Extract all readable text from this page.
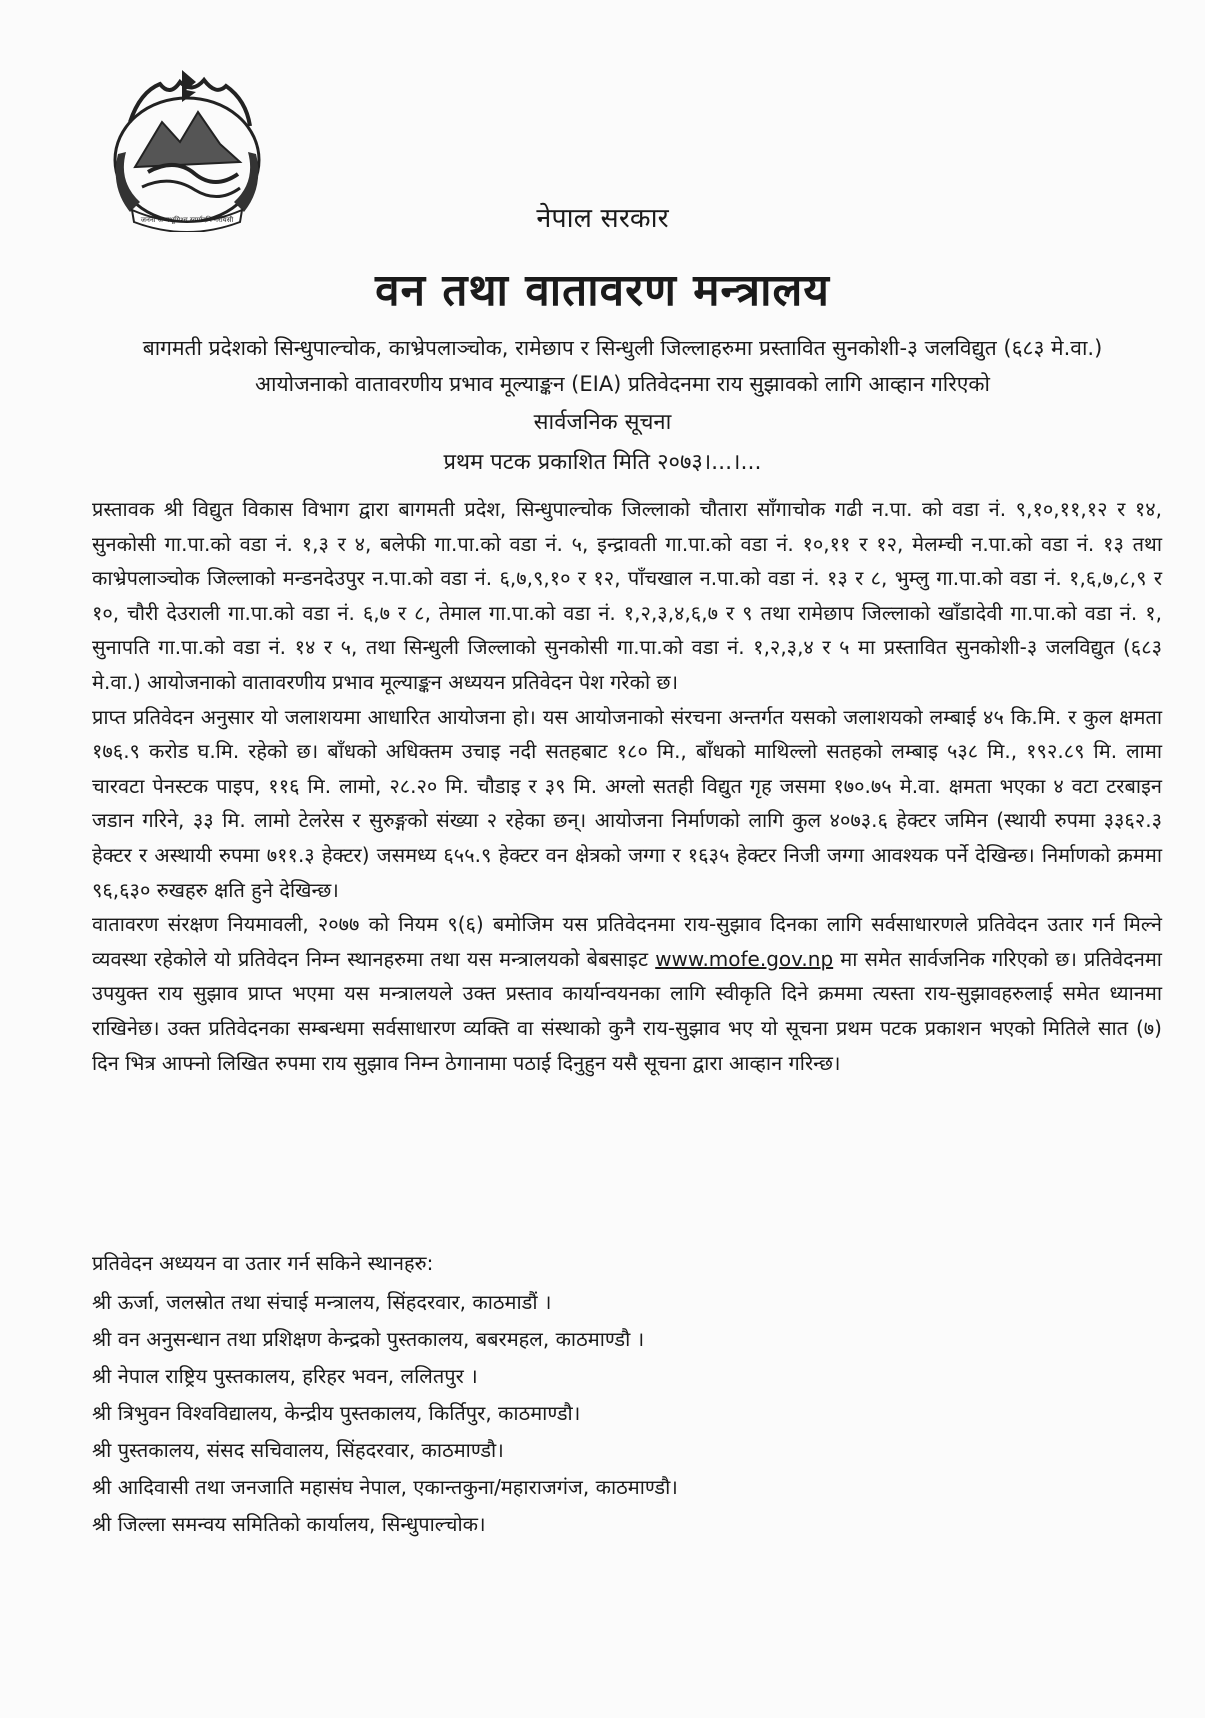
जननी जन्मभूमिश्च स्वर्गादपि गरीयसी	नेपाल सरकार
वन तथा वातावरण मन्त्रालय
बागमती प्रदेशको सिन्धुपाल्चोक, काभ्रेपलाञ्चोक, रामेछाप र सिन्धुली जिल्लाहरुमा प्रस्तावित सुनकोशी-३ जलविद्युत (६८३ मे.वा.) आयोजनाको वातावरणीय प्रभाव मूल्याङ्कन (EIA) प्रतिवेदनमा राय सुझावको लागि आव्हान गरिएको
सार्वजनिक सूचना
प्रथम पटक प्रकाशित मिति २०७३।...।...

प्रस्तावक श्री विद्युत विकास विभाग द्वारा बागमती प्रदेश, सिन्धुपाल्चोक जिल्लाको चौतारा साँगाचोक गढी न.पा. को वडा नं. ९,१०,११,१२ र १४, सुनकोसी गा.पा.को वडा नं. १,३ र ४, बलेफी गा.पा.को वडा नं. ५, इन्द्रावती गा.पा.को वडा नं. १०,११ र १२, मेलम्ची न.पा.को वडा नं. १३ तथा काभ्रेपलाञ्चोक जिल्लाको मन्डनदेउपुर न.पा.को वडा नं. ६,७,९,१० र १२, पाँचखाल न.पा.को वडा नं. १३ र ८, भुम्लु गा.पा.को वडा नं. १,६,७,८,९ र १०, चौरी देउराली गा.पा.को वडा नं. ६,७ र ८, तेमाल गा.पा.को वडा नं. १,२,३,४,६,७ र ९ तथा रामेछाप जिल्लाको खाँडादेवी गा.पा.को वडा नं. १, सुनापति गा.पा.को वडा नं. १४ र ५, तथा सिन्धुली जिल्लाको सुनकोसी गा.पा.को वडा नं. १,२,३,४ र ५ मा प्रस्तावित सुनकोशी-३ जलविद्युत (६८३ मे.वा.) आयोजनाको वातावरणीय प्रभाव मूल्याङ्कन अध्ययन प्रतिवेदन पेश गरेको छ।

प्राप्त प्रतिवेदन अनुसार यो जलाशयमा आधारित आयोजना हो। यस आयोजनाको संरचना अन्तर्गत यसको जलाशयको लम्बाई ४५ कि.मि. र कुल क्षमता १७६.९ करोड घ.मि. रहेको छ। बाँधको अधिक्तम उचाइ नदी सतहबाट १८० मि., बाँधको माथिल्लो सतहको लम्बाइ ५३८ मि., १९२.८९ मि. लामा चारवटा पेनस्टक पाइप, ११६ मि. लामो, २८.२० मि. चौडाइ र ३९ मि. अग्लो सतही विद्युत गृह जसमा १७०.७५ मे.वा. क्षमता भएका ४ वटा टरबाइन जडान गरिने, ३३ मि. लामो टेलरेस र सुरुङ्गको संख्या २ रहेका छन्। आयोजना निर्माणको लागि कुल ४०७३.६ हेक्टर जमिन (स्थायी रुपमा ३३६२.३ हेक्टर र अस्थायी रुपमा ७११.३ हेक्टर) जसमध्य ६५५.९ हेक्टर वन क्षेत्रको जग्गा र १६३५ हेक्टर निजी जग्गा आवश्यक पर्ने देखिन्छ। निर्माणको क्रममा ९६,६३० रुखहरु क्षति हुने देखिन्छ।

वातावरण संरक्षण नियमावली, २०७७ को नियम ९(६) बमोजिम यस प्रतिवेदनमा राय-सुझाव दिनका लागि सर्वसाधारणले प्रतिवेदन उतार गर्न मिल्ने व्यवस्था रहेकोले यो प्रतिवेदन निम्न स्थानहरुमा तथा यस मन्त्रालयको बेबसाइट www.mofe.gov.np मा समेत सार्वजनिक गरिएको छ। प्रतिवेदनमा उपयुक्त राय सुझाव प्राप्त भएमा यस मन्त्रालयले उक्त प्रस्ताव कार्यान्वयनका लागि स्वीकृति दिने क्रममा त्यस्ता राय-सुझावहरुलाई समेत ध्यानमा राखिनेछ। उक्त प्रतिवेदनका सम्बन्धमा सर्वसाधारण व्यक्ति वा संस्थाको कुनै राय-सुझाव भए यो सूचना प्रथम पटक प्रकाशन भएको मितिले सात (७) दिन भित्र आफ्नो लिखित रुपमा राय सुझाव निम्न ठेगानामा पठाई दिनुहुन यसै सूचना द्वारा आव्हान गरिन्छ।

प्रतिवेदन अध्ययन वा उतार गर्न सकिने स्थानहरु:
श्री ऊर्जा, जलस्रोत तथा संचाई मन्त्रालय, सिंहदरवार, काठमाडौं ।
श्री वन अनुसन्धान तथा प्रशिक्षण केन्द्रको पुस्तकालय, बबरमहल, काठमाण्डौ ।
श्री नेपाल राष्ट्रिय पुस्तकालय, हरिहर भवन, ललितपुर ।
श्री त्रिभुवन विश्वविद्यालय, केन्द्रीय पुस्तकालय, किर्तिपुर, काठमाण्डौ।
श्री पुस्तकालय, संसद सचिवालय, सिंहदरवार, काठमाण्डौ।
श्री आदिवासी तथा जनजाति महासंघ नेपाल, एकान्तकुना/महाराजगंज, काठमाण्डौ।
श्री जिल्ला समन्वय समितिको कार्यालय, सिन्धुपाल्चोक।
